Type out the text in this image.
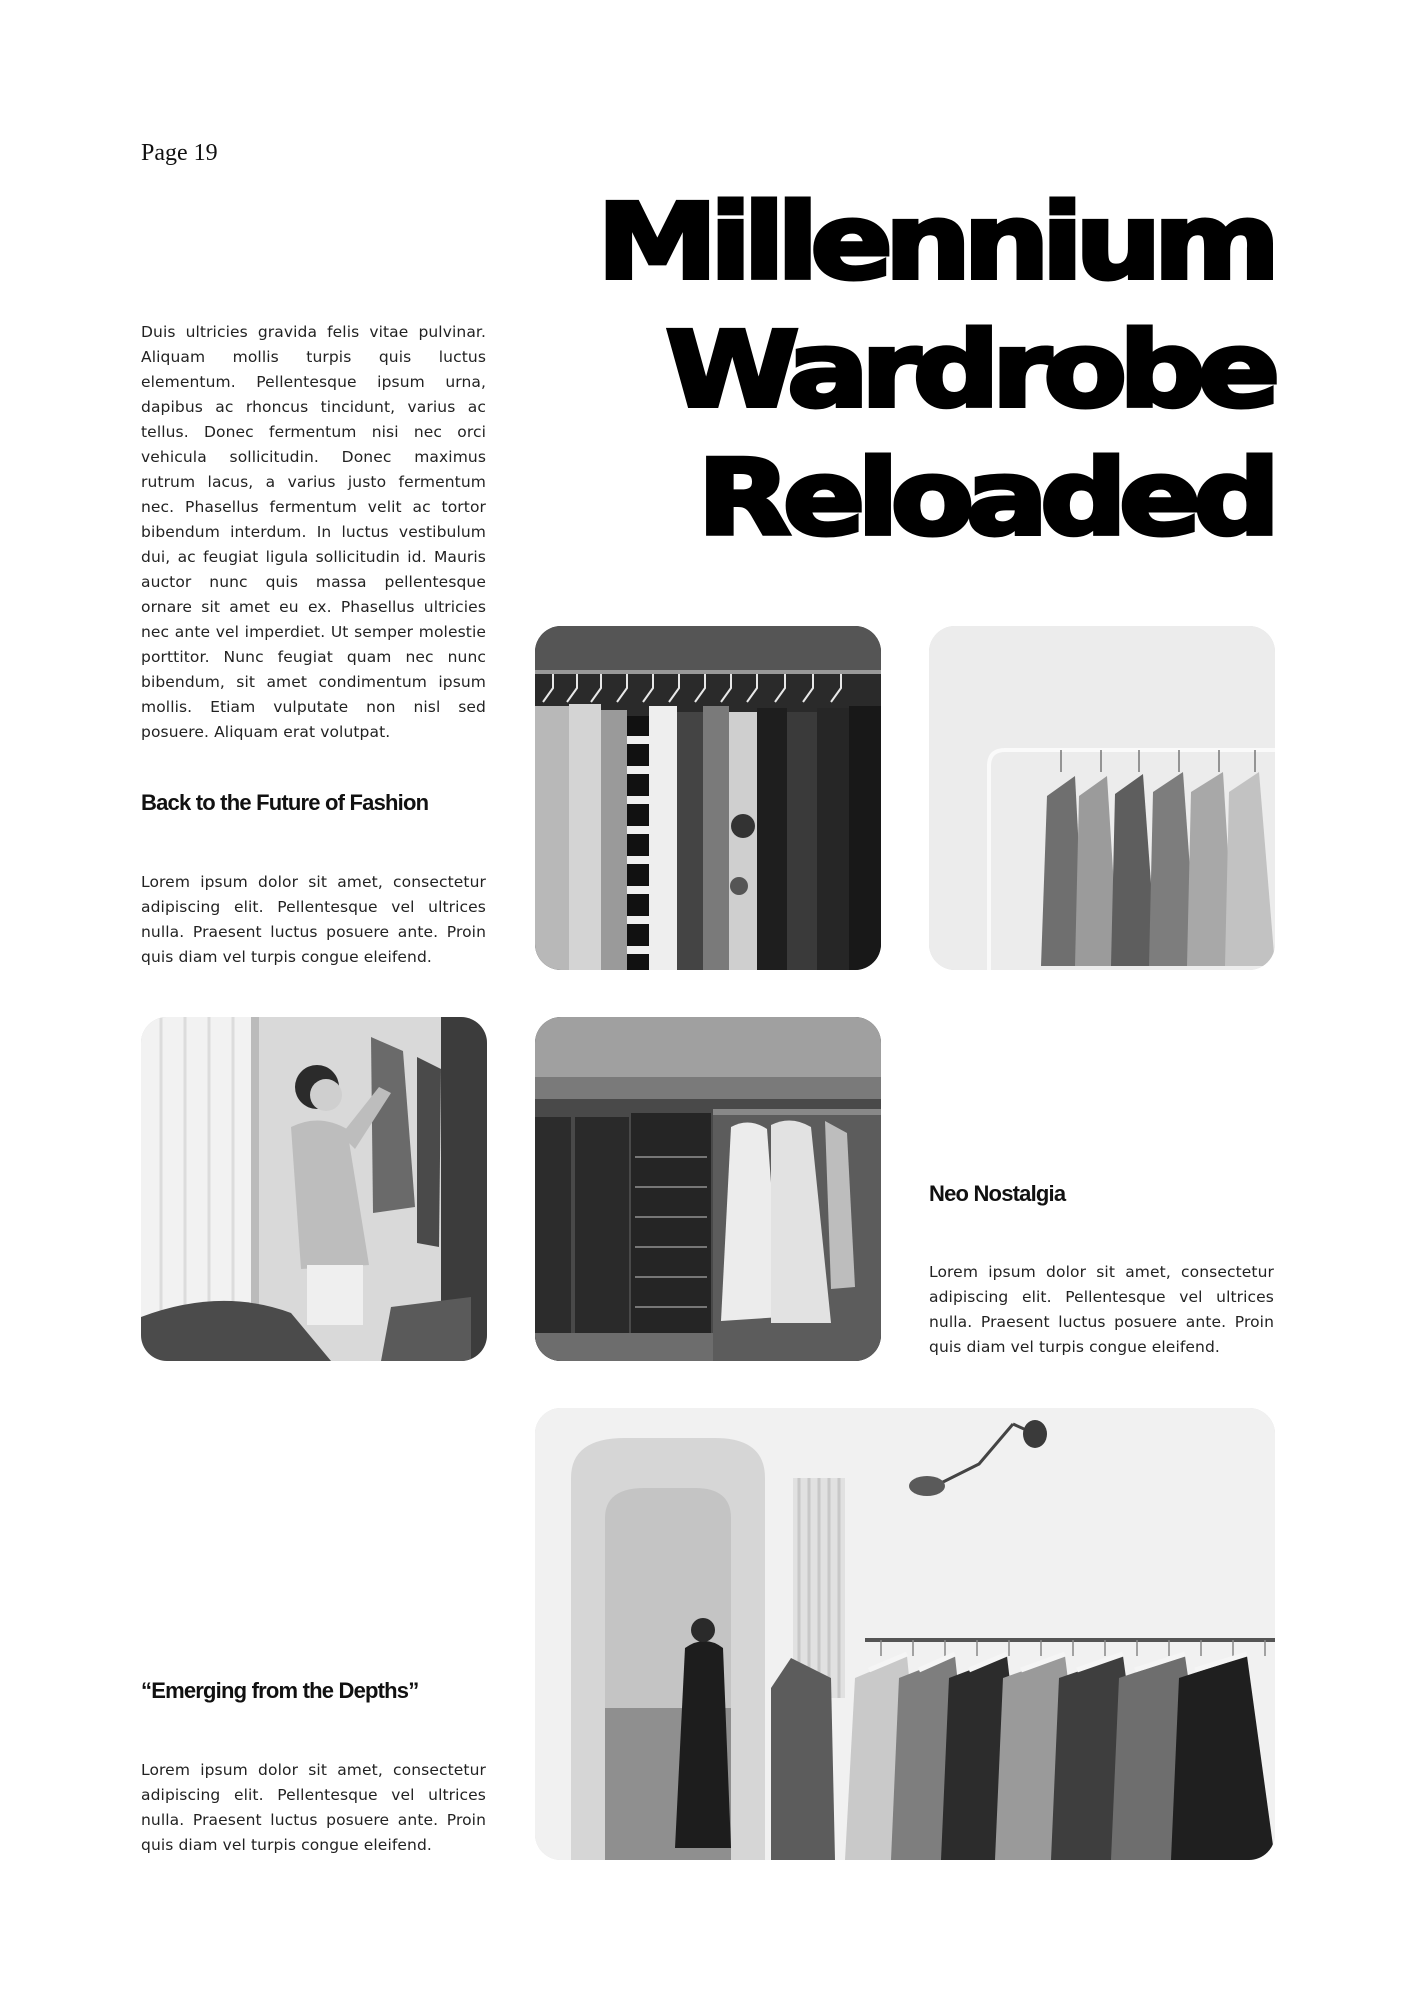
Page 19
Millennium
Wardrobe
Reloaded

Duis ultricies gravida felis vitae pulvinar. Aliquam mollis turpis quis luctus elementum. Pellentesque ipsum urna, dapibus ac rhoncus tincidunt, varius ac tellus. Donec fermentum nisi nec orci vehicula sollicitudin. Donec maximus rutrum lacus, a varius justo fermentum nec. Phasellus fermentum velit ac tortor bibendum interdum. In luctus vestibulum dui, ac feugiat ligula sollicitudin id. Mauris auctor nunc quis massa pellentesque ornare sit amet eu ex. Phasellus ultricies nec ante vel imperdiet. Ut semper molestie porttitor. Nunc feugiat quam nec nunc bibendum, sit amet condimentum ipsum mollis. Etiam vulputate non nisl sed posuere. Aliquam erat volutpat.

Back to the Future of Fashion

Lorem ipsum dolor sit amet, consectetur adipiscing elit. Pellentesque vel ultrices nulla. Praesent luctus posuere ante. Proin quis diam vel turpis congue eleifend.

Neo Nostalgia

Lorem ipsum dolor sit amet, consectetur adipiscing elit. Pellentesque vel ultrices nulla. Praesent luctus posuere ante. Proin quis diam vel turpis congue eleifend.

“Emerging from the Depths”

Lorem ipsum dolor sit amet, consectetur adipiscing elit. Pellentesque vel ultrices nulla. Praesent luctus posuere ante. Proin quis diam vel turpis congue eleifend.
